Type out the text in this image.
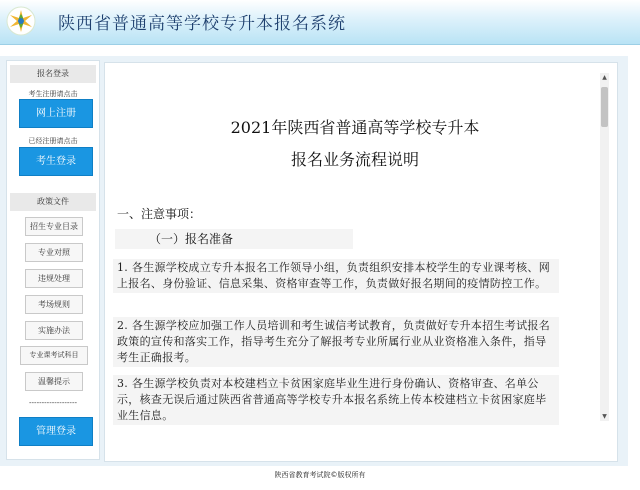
陕西省普通高等学校专升本报名系统
报名登录
考生注册请点击
网上注册
已经注册请点击
考生登录
政策文件
招生专业目录
专业对照
违规处理
考场规则
实施办法
专业课考试科目
温馨提示
-------------------
管理登录
2021年陕西省普通高等学校专升本
报名业务流程说明
一、注意事项：
（一）报名准备
1. 各生源学校成立专升本报名工作领导小组，负责组织安排本校学生的专业课考核、网上报名、身份验证、信息采集、资格审查等工作，负责做好报名期间的疫情防控工作。
2. 各生源学校应加强工作人员培训和考生诚信考试教育，负责做好专升本招生考试报名政策的宣传和落实工作，指导考生充分了解报考专业所属行业从业资格准入条件，指导考生正确报考。
3. 各生源学校负责对本校建档立卡贫困家庭毕业生进行身份确认、资格审查、名单公示，核查无误后通过陕西省普通高等学校专升本报名系统上传本校建档立卡贫困家庭毕业生信息。
▲
▼
陕西省教育考试院©版权所有
